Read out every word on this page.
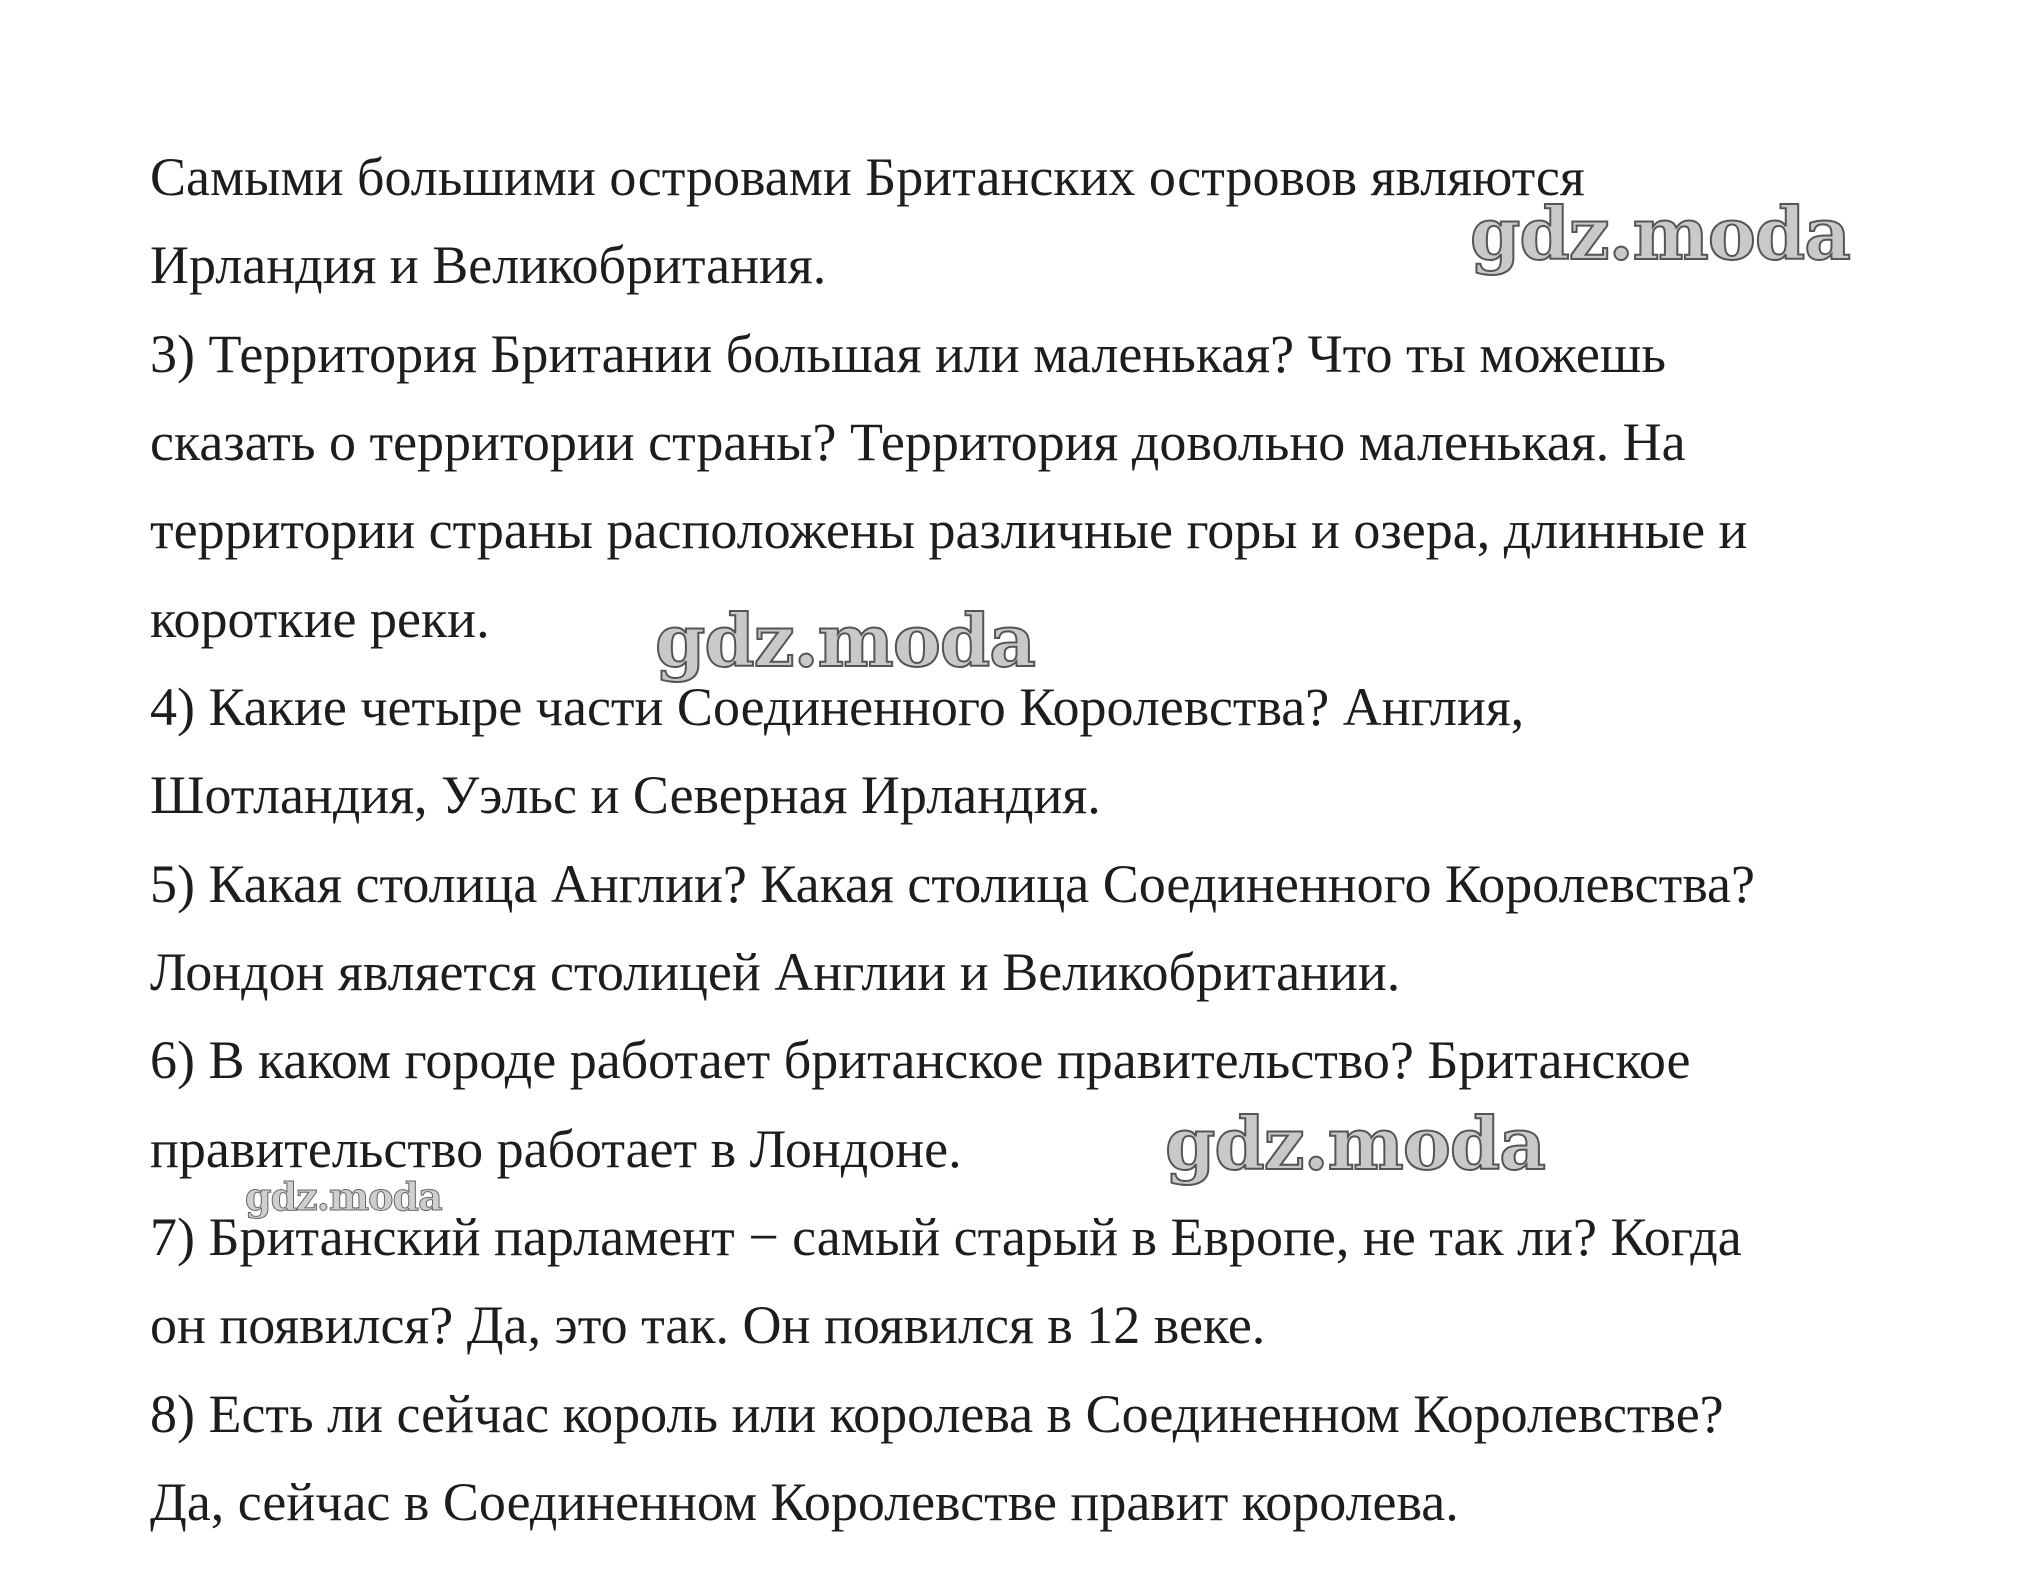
Самыми большими островами Британских островов являются
Ирландия и Великобритания.
3) Территория Британии большая или маленькая? Что ты можешь
сказать о территории страны? Территория довольно маленькая. На
территории страны расположены различные горы и озера, длинные и
короткие реки.
4) Какие четыре части Соединенного Королевства? Англия,
Шотландия, Уэльс и Северная Ирландия.
5) Какая столица Англии? Какая столица Соединенного Королевства?
Лондон является столицей Англии и Великобритании.
6) В каком городе работает британское правительство? Британское
правительство работает в Лондоне.
7) Британский парламент − самый старый в Европе, не так ли? Когда
он появился? Да, это так. Он появился в 12 веке.
8) Есть ли сейчас король или королева в Соединенном Королевстве?
Да, сейчас в Соединенном Королевстве правит королева.
gdz.moda
gdz.moda
gdz.moda
gdz.moda
